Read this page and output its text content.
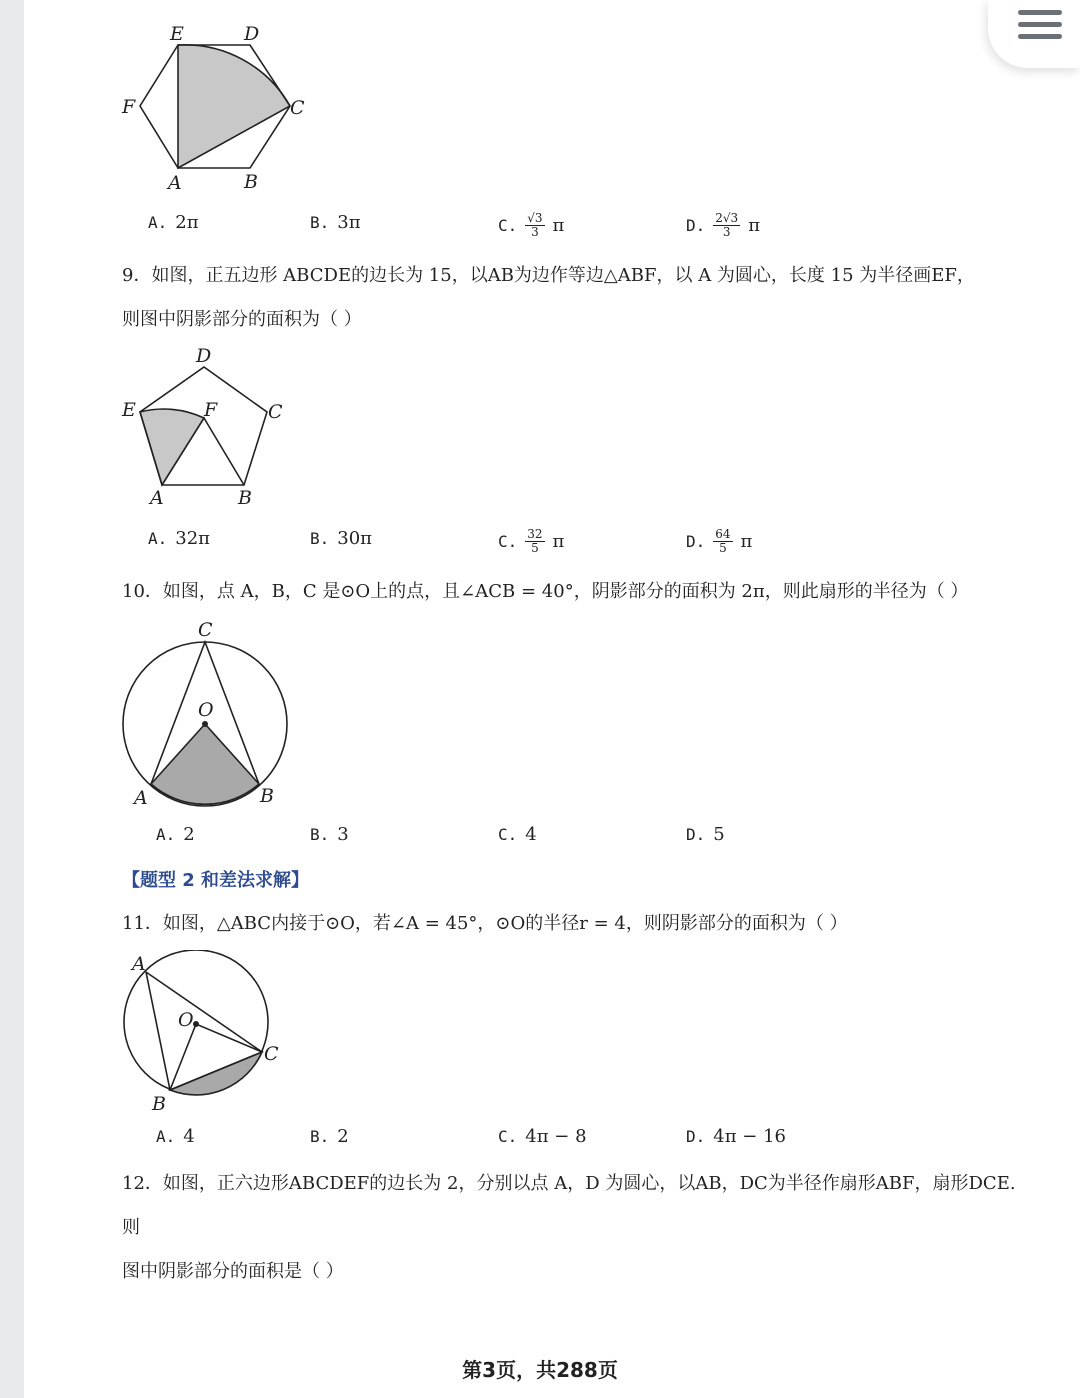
E	D
F	C
A	B
A. 2π	B. 3π	C. $\frac{√3}{3}$ π	D. $\frac{2√3}{3}$ π
9．如图，正五边形 ABCDE的边长为 15，以AB为边作等边△ABF，以 A 为圆心，长度 15 为半径画EF，
则图中阴影部分的面积为（ ）
D
E	F	C
A	B
A. 32π	B. 30π	C. $\frac{32}{5}$ π	D. $\frac{64}{5}$ π
10．如图，点 A，B，C 是⊙O上的点，且∠ACB = 40°，阴影部分的面积为 2π，则此扇形的半径为（ ）
C
O
A	B
A. 2	B. 3	C. 4	D. 5
【题型 2 和差法求解】
11．如图，△ABC内接于⊙O，若∠A = 45°，⊙O的半径r = 4，则阴影部分的面积为（ ）
A
O
C
B
A. 4	B. 2	C. 4π − 8	D. 4π − 16
12．如图，正六边形ABCDEF的边长为 2，分别以点 A，D 为圆心，以AB，DC为半径作扇形ABF，扇形DCE.则
图中阴影部分的面积是（ ）
第3页，共288页
